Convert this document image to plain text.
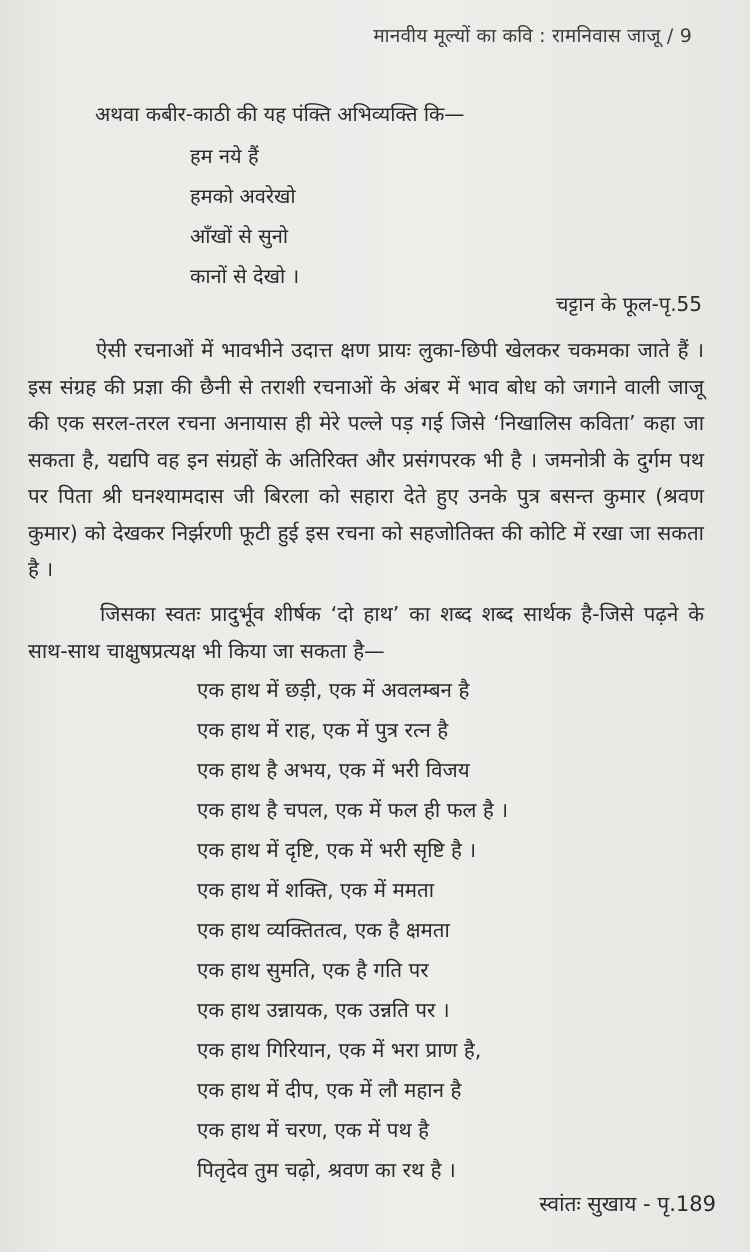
मानवीय मूल्यों का कवि : रामनिवास जाजू / 9
अथवा कबीर-काठी की यह पंक्ति अभिव्यक्ति कि—
हम नये हैं
हमको अवरेखो
आँखों से सुनो
कानों से देखो ।
चट्टान के फूल-पृ.55
ऐसी रचनाओं में भावभीने उदात्त क्षण प्रायः लुका-छिपी खेलकर चकमका जाते हैं । इस संग्रह की प्रज्ञा की छैनी से तराशी रचनाओं के अंबर में भाव बोध को जगाने वाली जाजू की एक सरल-तरल रचना अनायास ही मेरे पल्ले पड़ गई जिसे ‘निखालिस कविता’ कहा जा सकता है, यद्यपि वह इन संग्रहों के अतिरिक्त और प्रसंगपरक भी है । जमनोत्री के दुर्गम पथ पर पिता श्री घनश्यामदास जी बिरला को सहारा देते हुए उनके पुत्र बसन्त कुमार (श्रवण कुमार) को देखकर निर्झरणी फूटी हुई इस रचना को सहजोतिक्त की कोटि में रखा जा सकता है ।
जिसका स्वतः प्रादुर्भूव शीर्षक ‘दो हाथ’ का शब्द शब्द सार्थक है-जिसे पढ़ने के साथ-साथ चाक्षुषप्रत्यक्ष भी किया जा सकता है—
एक हाथ में छड़ी, एक में अवलम्बन है
एक हाथ में राह, एक में पुत्र रत्न है
एक हाथ है अभय, एक में भरी विजय
एक हाथ है चपल, एक में फल ही फल है ।
एक हाथ में दृष्टि, एक में भरी सृष्टि है ।
एक हाथ में शक्ति, एक में ममता
एक हाथ व्यक्तितत्व, एक है क्षमता
एक हाथ सुमति, एक है गति पर
एक हाथ उन्नायक, एक उन्नति पर ।
एक हाथ गिरियान, एक में भरा प्राण है,
एक हाथ में दीप, एक में लौ महान है
एक हाथ में चरण, एक में पथ है
पितृदेव तुम चढ़ो, श्रवण का रथ है ।
स्वांतः सुखाय - पृ.189
